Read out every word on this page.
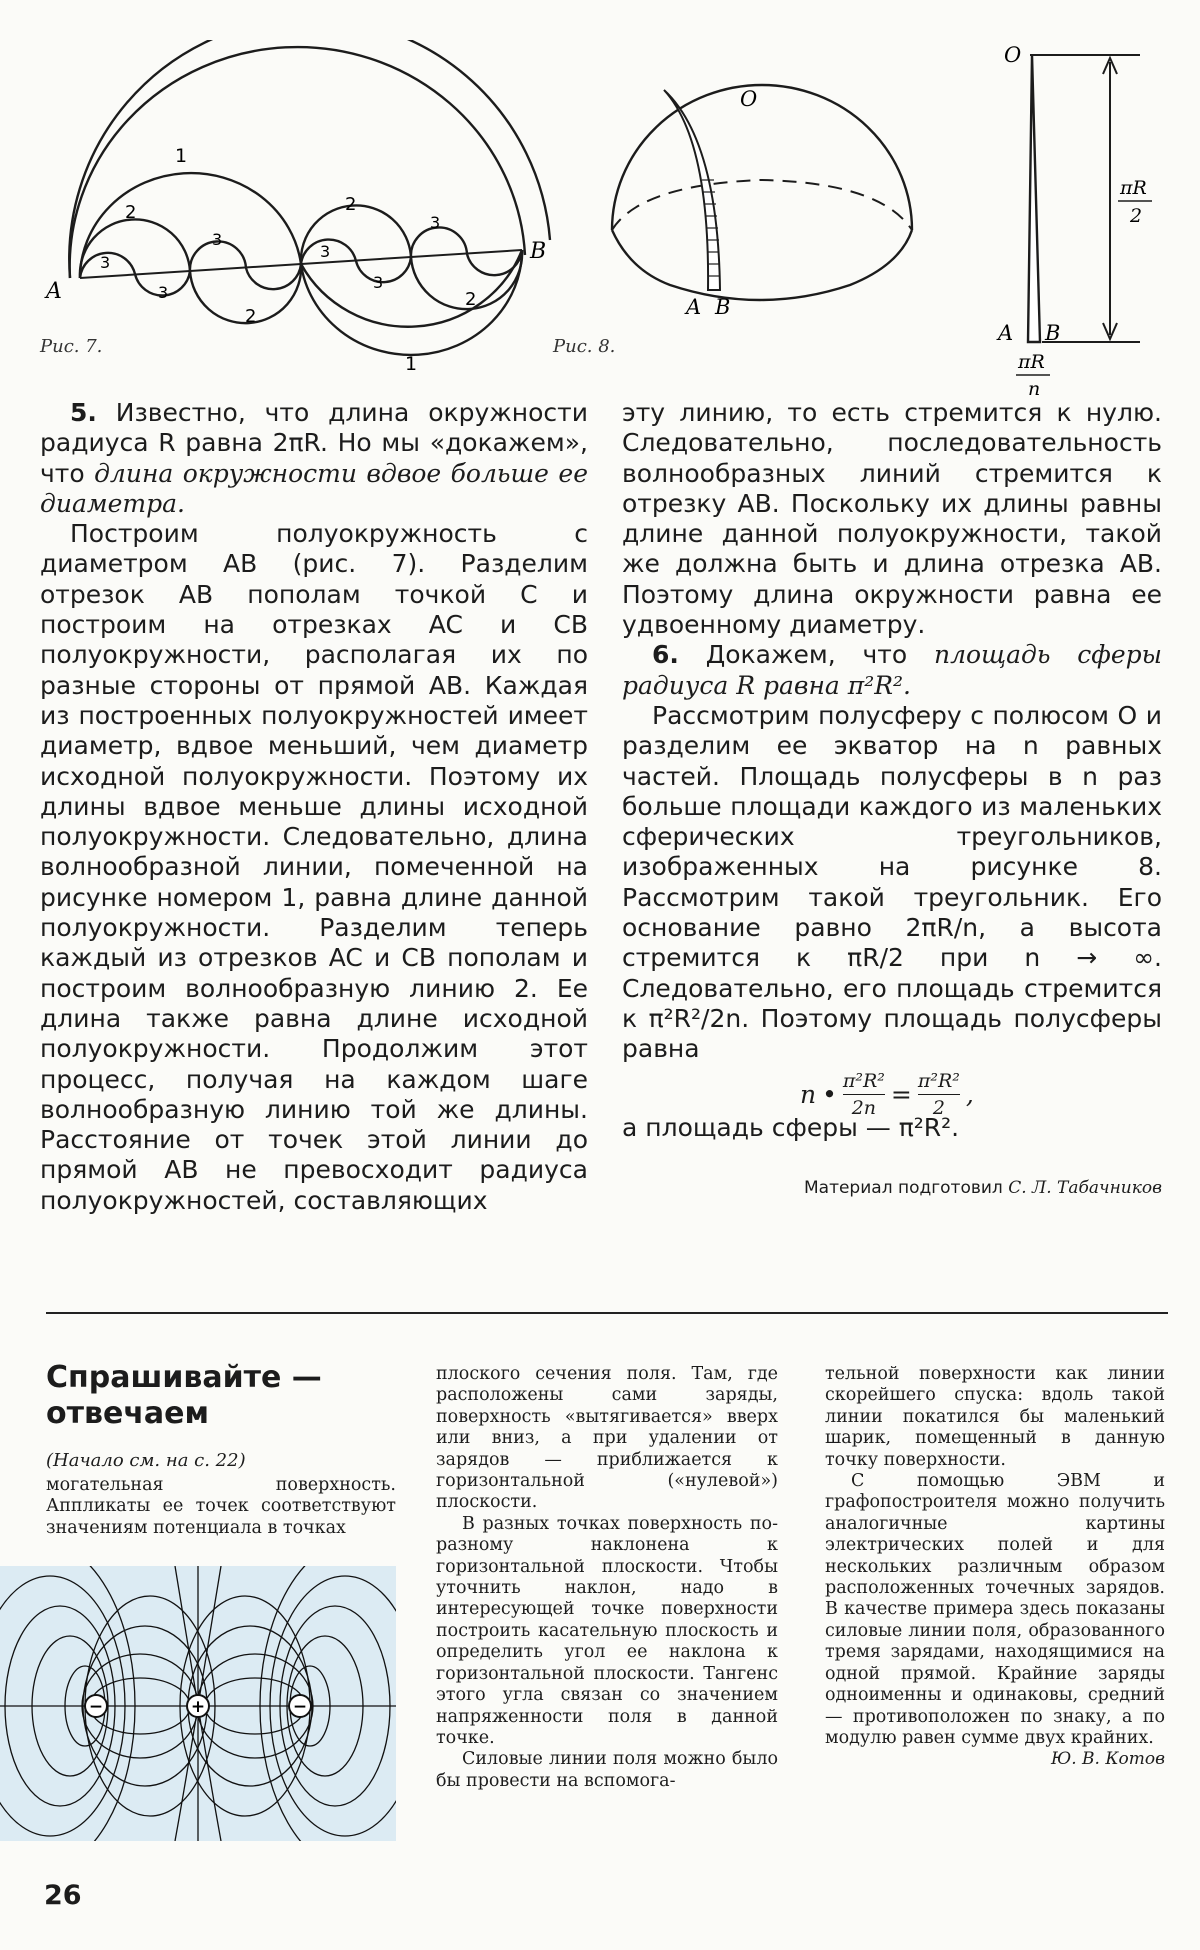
A
B
1
1
2
2
2
2
3
3
3
3
3
3
Рис. 7.
O
A B
Рис. 8.
O
A B
πR
2
πR
n

5. Известно, что длина окружности радиуса R равна 2πR. Но мы «докажем», что длина окружности вдвое больше ее диаметра.

Построим полуокружность с диаметром AB (рис. 7). Разделим отрезок AB пополам точкой C и построим на отрезках AC и CB полуокружности, располагая их по разные стороны от прямой AB. Каждая из построенных полуокружностей имеет диаметр, вдвое меньший, чем диаметр исходной полуокружности. Поэтому их длины вдвое меньше длины исходной полуокружности. Следовательно, длина волнообразной линии, помеченной на рисунке номером 1, равна длине данной полуокружности. Разделим теперь каждый из отрезков AC и CB пополам и построим волнообразную линию 2. Ее длина также равна длине исходной полуокружности. Продолжим этот процесс, получая на каждом шаге волнообразную линию той же длины. Расстояние от точек этой линии до прямой AB не превосходит радиуса полуокружностей, составляющих

эту линию, то есть стремится к нулю. Следовательно, последовательность волнообразных линий стремится к отрезку AB. Поскольку их длины равны длине данной полуокружности, такой же должна быть и длина отрезка AB. Поэтому длина окружности равна ее удвоенному диаметру.

6. Докажем, что площадь сферы радиуса R равна π²R².

Рассмотрим полусферу с полюсом O и разделим ее экватор на n равных частей. Площадь полусферы в n раз больше площади каждого из маленьких сферических треугольников, изображенных на рисунке 8. Рассмотрим такой треугольник. Его основание равно 2πR/n, а высота стремится к πR/2 при n → ∞. Следовательно, его площадь стремится к π²R²/2n. Поэтому площадь полусферы равна

n • $\frac{\text{π²R²}}{2n} = \frac{\text{π²R²}}{2}$ ,

а площадь сферы — π²R².

Материал подготовил С. Л. Табачников
Спрашивайте —
отвечаем
(Начало см. на с. 22)

могательная поверхность. Аппликаты ее точек соответствуют значениям потенциала в точках

−	+	−

плоского сечения поля. Там, где расположены сами заряды, поверхность «вытягивается» вверх или вниз, а при удалении от зарядов — приближается к горизонтальной («нулевой») плоскости.

В разных точках поверхность по-разному наклонена к горизонтальной плоскости. Чтобы уточнить наклон, надо в интересующей точке поверхности построить касательную плоскость и определить угол ее наклона к горизонтальной плоскости. Тангенс этого угла связан со значением напряженности поля в данной точке.

Силовые линии поля можно было бы провести на вспомога-

тельной поверхности как линии скорейшего спуска: вдоль такой линии покатился бы маленький шарик, помещенный в данную точку поверхности.

С помощью ЭВМ и графопостроителя можно получить аналогичные картины электрических полей и для нескольких различным образом расположенных точечных зарядов. В качестве примера здесь показаны силовые линии поля, образованного тремя зарядами, находящимися на одной прямой. Крайние заряды одноименны и одинаковы, средний — противоположен по знаку, а по модулю равен сумме двух крайних.

Ю. В. Котов
26
